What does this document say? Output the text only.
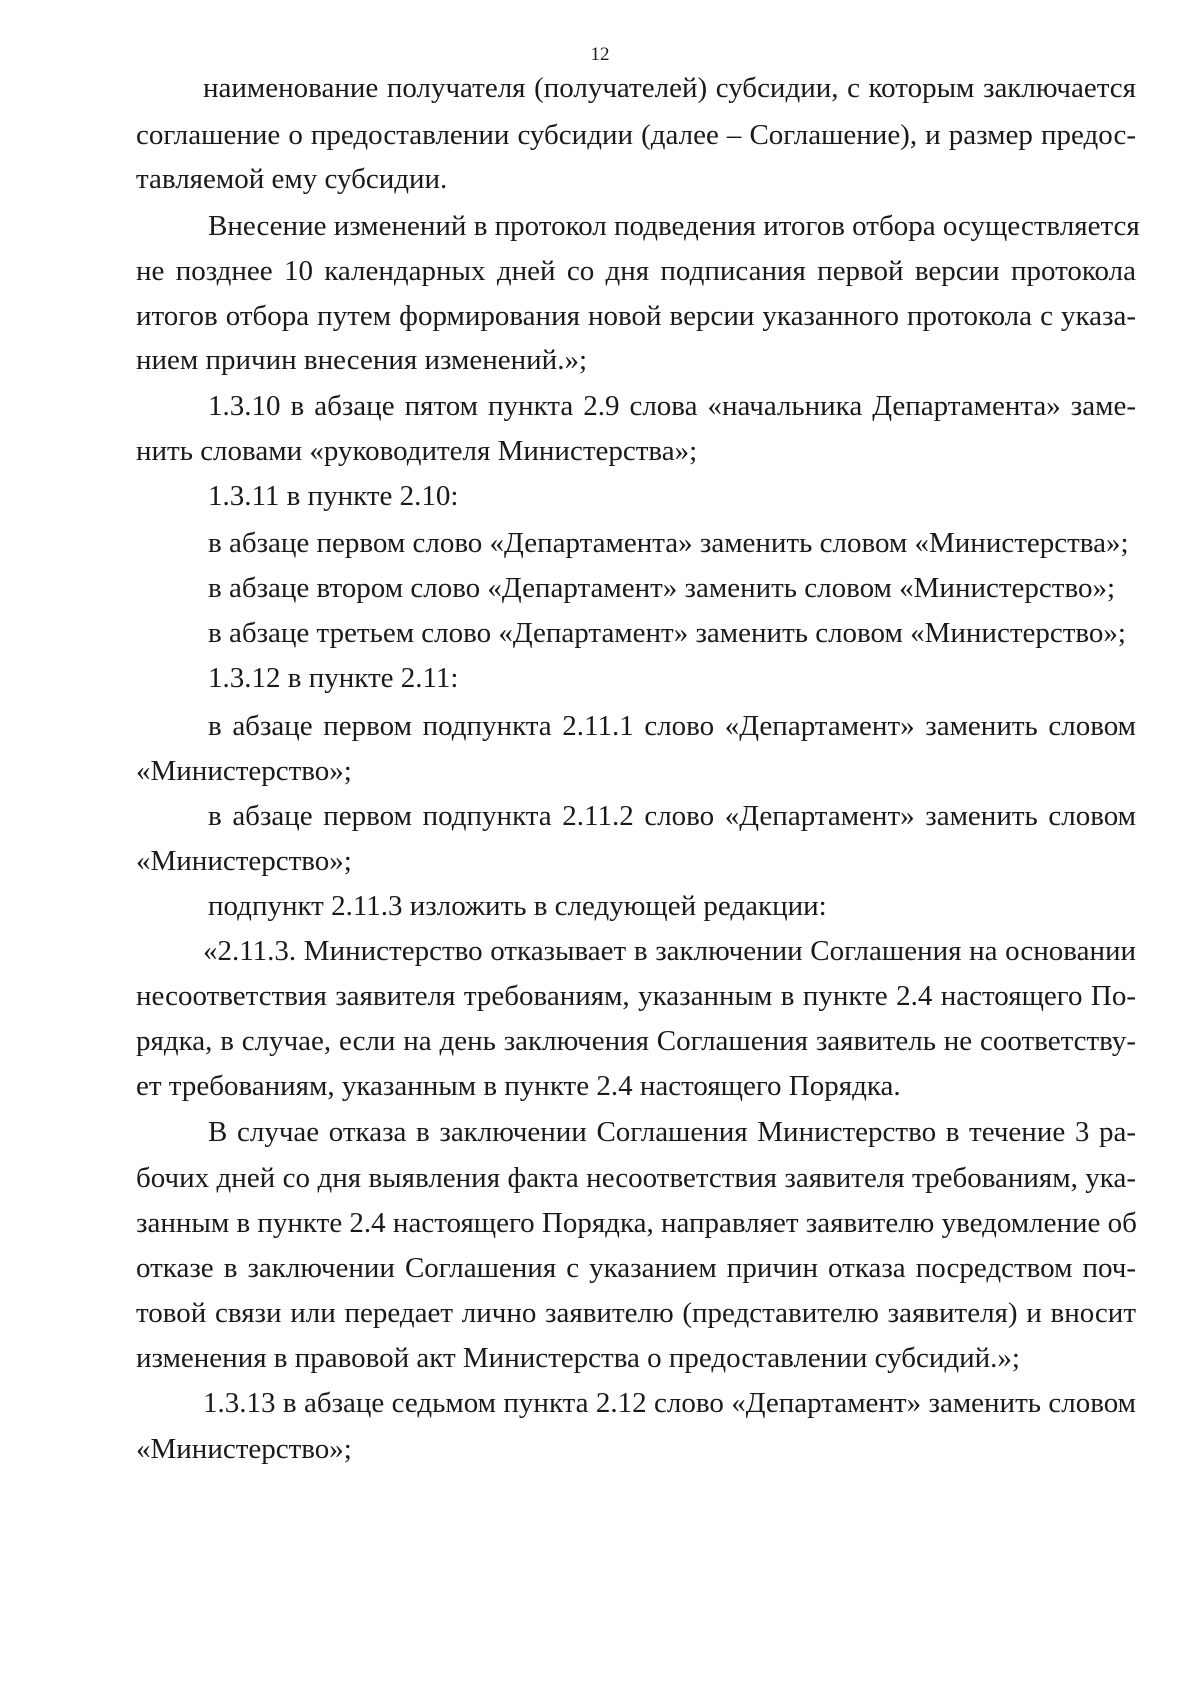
12

наименование получателя (получателей) субсидии, с которым заключается

соглашение о предоставлении субсидии (далее – Соглашение), и размер предос-

тавляемой ему субсидии.

Внесение изменений в протокол подведения итогов отбора осуществляется

не позднее 10 календарных дней со дня подписания первой версии протокола

итогов отбора путем формирования новой версии указанного протокола с указа-

нием причин внесения изменений.»;

1.3.10 в абзаце пятом пункта 2.9 слова «начальника Департамента» заме-

нить словами «руководителя Министерства»;

1.3.11 в пункте 2.10:

в абзаце первом слово «Департамента» заменить словом «Министерства»;

в абзаце втором слово «Департамент» заменить словом «Министерство»;

в абзаце третьем слово «Департамент» заменить словом «Министерство»;

1.3.12 в пункте 2.11:

в абзаце первом подпункта 2.11.1 слово «Департамент» заменить словом

«Министерство»;

в абзаце первом подпункта 2.11.2 слово «Департамент» заменить словом

«Министерство»;

подпункт 2.11.3 изложить в следующей редакции:

«2.11.3. Министерство отказывает в заключении Соглашения на основании

несоответствия заявителя требованиям, указанным в пункте 2.4 настоящего По-

рядка, в случае, если на день заключения Соглашения заявитель не соответству-

ет требованиям, указанным в пункте 2.4 настоящего Порядка.

В случае отказа в заключении Соглашения Министерство в течение 3 ра-

бочих дней со дня выявления факта несоответствия заявителя требованиям, ука-

занным в пункте 2.4 настоящего Порядка, направляет заявителю уведомление об

отказе в заключении Соглашения с указанием причин отказа посредством поч-

товой связи или передает лично заявителю (представителю заявителя) и вносит

изменения в правовой акт Министерства о предоставлении субсидий.»;

1.3.13 в абзаце седьмом пункта 2.12 слово «Департамент» заменить словом

«Министерство»;
